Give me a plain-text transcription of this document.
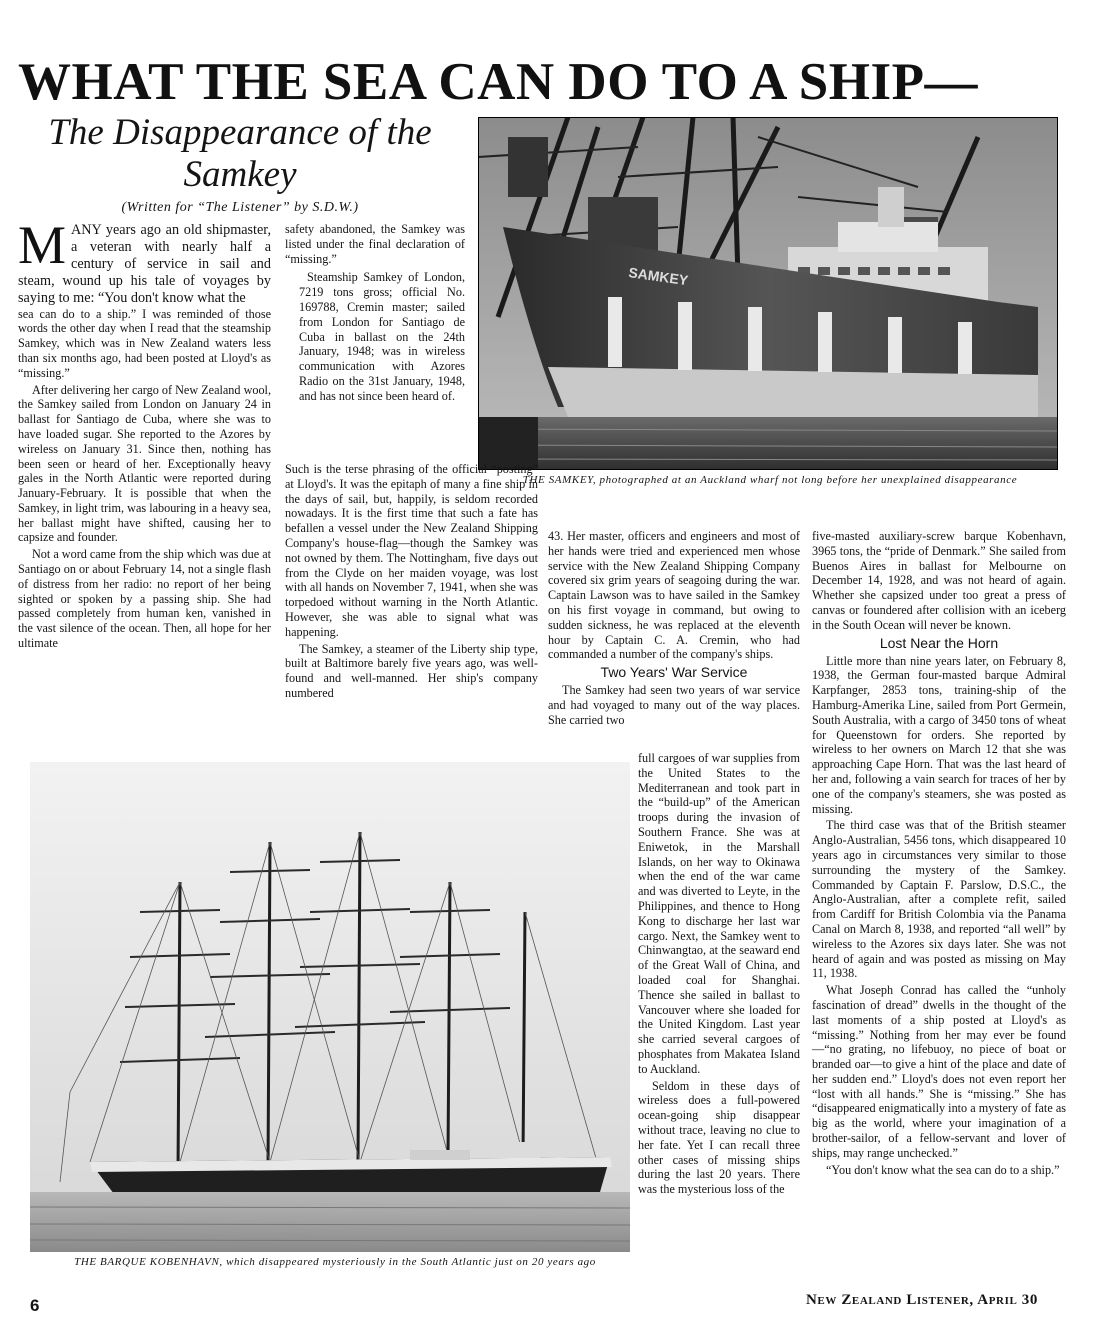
WHAT THE SEA CAN DO TO A SHIP—
The Disappearance of the Samkey
(Written for “The Listener” by S.D.W.)
SAMKEY
THE SAMKEY, photographed at an Auckland wharf not long before her unexplained disappearance

MANY years ago an old shipmaster, a veteran with nearly half a century of service in sail and steam, wound up his tale of voyages by saying to me: “You don't know what the

sea can do to a ship.” I was reminded of those words the other day when I read that the steamship Samkey, which was in New Zealand waters less than six months ago, had been posted at Lloyd's as “missing.”

After delivering her cargo of New Zealand wool, the Samkey sailed from London on January 24 in ballast for Santiago de Cuba, where she was to have loaded sugar. She reported to the Azores by wireless on January 31. Since then, nothing has been seen or heard of her. Exceptionally heavy gales in the North Atlantic were reported during January-February. It is possible that when the Samkey, in light trim, was labouring in a heavy sea, her ballast might have shifted, causing her to capsize and founder.

Not a word came from the ship which was due at Santiago on or about February 14, not a single flash of distress from her radio: no report of her being sighted or spoken by a passing ship. She had passed completely from human ken, vanished in the vast silence of the ocean. Then, all hope for her ultimate

safety abandoned, the Samkey was listed under the final declaration of “missing.”

Steamship Samkey of London, 7219 tons gross; official No. 169788, Cremin master; sailed from London for Santiago de Cuba in ballast on the 24th January, 1948; was in wireless communication with Azores Radio on the 31st January, 1948, and has not since been heard of.

Such is the terse phrasing of the official “posting” at Lloyd's. It was the epitaph of many a fine ship in the days of sail, but, happily, is seldom recorded nowadays. It is the first time that such a fate has befallen a vessel under the New Zealand Shipping Company's house-flag—though the Samkey was not owned by them. The Nottingham, five days out from the Clyde on her maiden voyage, was lost with all hands on November 7, 1941, when she was torpedoed without warning in the North Atlantic. However, she was able to signal what was happening.

The Samkey, a steamer of the Liberty ship type, built at Baltimore barely five years ago, was well-found and well-manned. Her ship's company numbered

43. Her master, officers and engineers and most of her hands were tried and experienced men whose service with the New Zealand Shipping Company covered six grim years of seagoing during the war. Captain Lawson was to have sailed in the Samkey on his first voyage in command, but owing to sudden sickness, he was replaced at the eleventh hour by Captain C. A. Cremin, who had commanded a number of the company's ships.

Two Years' War Service

The Samkey had seen two years of war service and had voyaged to many out of the way places. She carried two

full cargoes of war supplies from the United States to the Mediterranean and took part in the “build-up” of the American troops during the invasion of Southern France. She was at Eniwetok, in the Marshall Islands, on her way to Okinawa when the end of the war came and was diverted to Leyte, in the Philippines, and thence to Hong Kong to discharge her last war cargo. Next, the Samkey went to Chinwangtao, at the seaward end of the Great Wall of China, and loaded coal for Shanghai. Thence she sailed in ballast to Vancouver where she loaded for the United Kingdom. Last year she carried several cargoes of phosphates from Makatea Island to Auckland.

Seldom in these days of wireless does a full-powered ocean-going ship disappear without trace, leaving no clue to her fate. Yet I can recall three other cases of missing ships during the last 20 years. There was the mysterious loss of the

five-masted auxiliary-screw barque Kobenhavn, 3965 tons, the “pride of Denmark.” She sailed from Buenos Aires in ballast for Melbourne on December 14, 1928, and was not heard of again. Whether she capsized under too great a press of canvas or foundered after collision with an iceberg in the South Ocean will never be known.

Lost Near the Horn

Little more than nine years later, on February 8, 1938, the German four-masted barque Admiral Karpfanger, 2853 tons, training-ship of the Hamburg-Amerika Line, sailed from Port Germein, South Australia, with a cargo of 3450 tons of wheat for Queenstown for orders. She reported by wireless to her owners on March 12 that she was approaching Cape Horn. That was the last heard of her and, following a vain search for traces of her by one of the company's steamers, she was posted as missing.

The third case was that of the British steamer Anglo-Australian, 5456 tons, which disappeared 10 years ago in circumstances very similar to those surrounding the mystery of the Samkey. Commanded by Captain F. Parslow, D.S.C., the Anglo-Australian, after a complete refit, sailed from Cardiff for British Colombia via the Panama Canal on March 8, 1938, and reported “all well” by wireless to the Azores six days later. She was not heard of again and was posted as missing on May 11, 1938.

What Joseph Conrad has called the “unholy fascination of dread” dwells in the thought of the last moments of a ship posted at Lloyd's as “missing.” Nothing from her may ever be found—“no grating, no lifebuoy, no piece of boat or branded oar—to give a hint of the place and date of her sudden end.” Lloyd's does not even report her “lost with all hands.” She is “missing.” She has “disappeared enigmatically into a mystery of fate as big as the world, where your imagination of a brother-sailor, of a fellow-servant and lover of ships, may range unchecked.”

“You don't know what the sea can do to a ship.”

THE BARQUE KOBENHAVN, which disappeared mysteriously in the South Atlantic just on 20 years ago
6	New Zealand Listener, April 30
